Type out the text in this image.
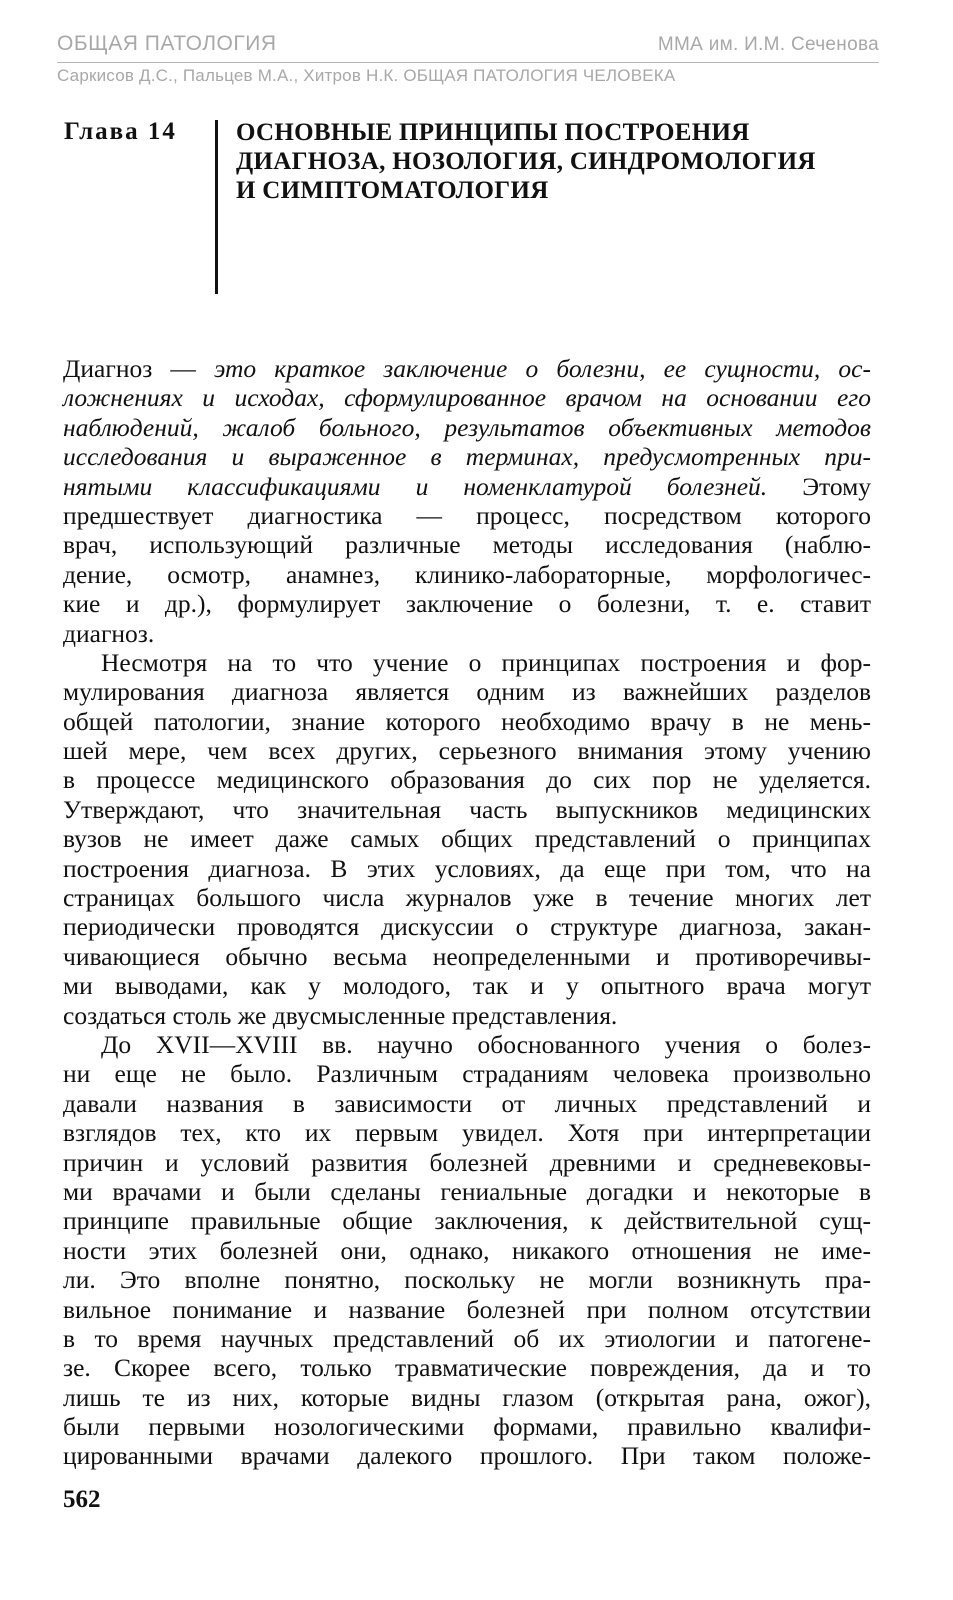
ОБЩАЯ ПАТОЛОГИЯ	ММА им. И.М. Сеченова
Саркисов Д.С., Пальцев М.А., Хитров Н.К. ОБЩАЯ ПАТОЛОГИЯ ЧЕЛОВЕКА
Глава 14 ОСНОВНЫЕ ПРИНЦИПЫ ПОСТРОЕНИЯ
ДИАГНОЗА, НОЗОЛОГИЯ, СИНДРОМОЛОГИЯ
И СИМПТОМАТОЛОГИЯ
Диагноз — это краткое заключение о болезни, ее сущности, ос-
ложнениях и исходах, сформулированное врачом на основании его
наблюдений, жалоб больного, результатов объективных методов
исследования и выраженное в терминах, предусмотренных при-
нятыми классификациями и номенклатурой болезней. Этому
предшествует диагностика — процесс, посредством которого
врач, использующий различные методы исследования (наблю-
дение, осмотр, анамнез, клинико-лабораторные, морфологичес-
кие и др.), формулирует заключение о болезни, т. е. ставит
диагноз.
Несмотря на то что учение о принципах построения и фор-
мулирования диагноза является одним из важнейших разделов
общей патологии, знание которого необходимо врачу в не мень-
шей мере, чем всех других, серьезного внимания этому учению
в процессе медицинского образования до сих пор не уделяется.
Утверждают, что значительная часть выпускников медицинских
вузов не имеет даже самых общих представлений о принципах
построения диагноза. В этих условиях, да еще при том, что на
страницах большого числа журналов уже в течение многих лет
периодически проводятся дискуссии о структуре диагноза, закан-
чивающиеся обычно весьма неопределенными и противоречивы-
ми выводами, как у молодого, так и у опытного врача могут
создаться столь же двусмысленные представления.
До XVII—XVIII вв. научно обоснованного учения о болез-
ни еще не было. Различным страданиям человека произвольно
давали названия в зависимости от личных представлений и
взглядов тех, кто их первым увидел. Хотя при интерпретации
причин и условий развития болезней древними и средневековы-
ми врачами и были сделаны гениальные догадки и некоторые в
принципе правильные общие заключения, к действительной сущ-
ности этих болезней они, однако, никакого отношения не име-
ли. Это вполне понятно, поскольку не могли возникнуть пра-
вильное понимание и название болезней при полном отсутствии
в то время научных представлений об их этиологии и патогене-
зе. Скорее всего, только травматические повреждения, да и то
лишь те из них, которые видны глазом (открытая рана, ожог),
были первыми нозологическими формами, правильно квалифи-
цированными врачами далекого прошлого. При таком положе-
562
